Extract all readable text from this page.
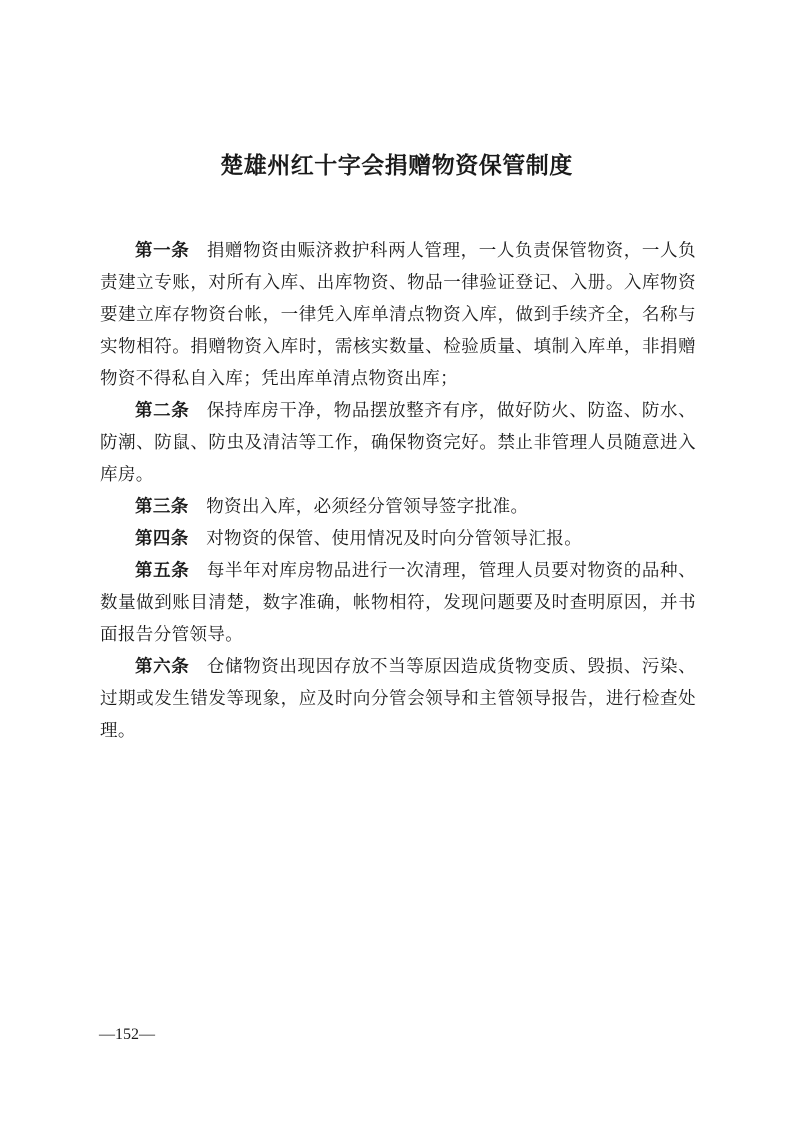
楚雄州红十字会捐赠物资保管制度

第一条 捐赠物资由赈济救护科两人管理，一人负责保管物资，一人负责建立专账，对所有入库、出库物资、物品一律验证登记、入册。入库物资要建立库存物资台帐，一律凭入库单清点物资入库，做到手续齐全，名称与实物相符。捐赠物资入库时，需核实数量、检验质量、填制入库单，非捐赠物资不得私自入库；凭出库单清点物资出库；

第二条 保持库房干净，物品摆放整齐有序，做好防火、防盗、防水、防潮、防鼠、防虫及清洁等工作，确保物资完好。禁止非管理人员随意进入库房。

第三条 物资出入库，必须经分管领导签字批准。

第四条 对物资的保管、使用情况及时向分管领导汇报。

第五条 每半年对库房物品进行一次清理，管理人员要对物资的品种、数量做到账目清楚，数字准确，帐物相符，发现问题要及时查明原因，并书面报告分管领导。

第六条 仓储物资出现因存放不当等原因造成货物变质、毁损、污染、过期或发生错发等现象，应及时向分管会领导和主管领导报告，进行检查处理。

—152—
